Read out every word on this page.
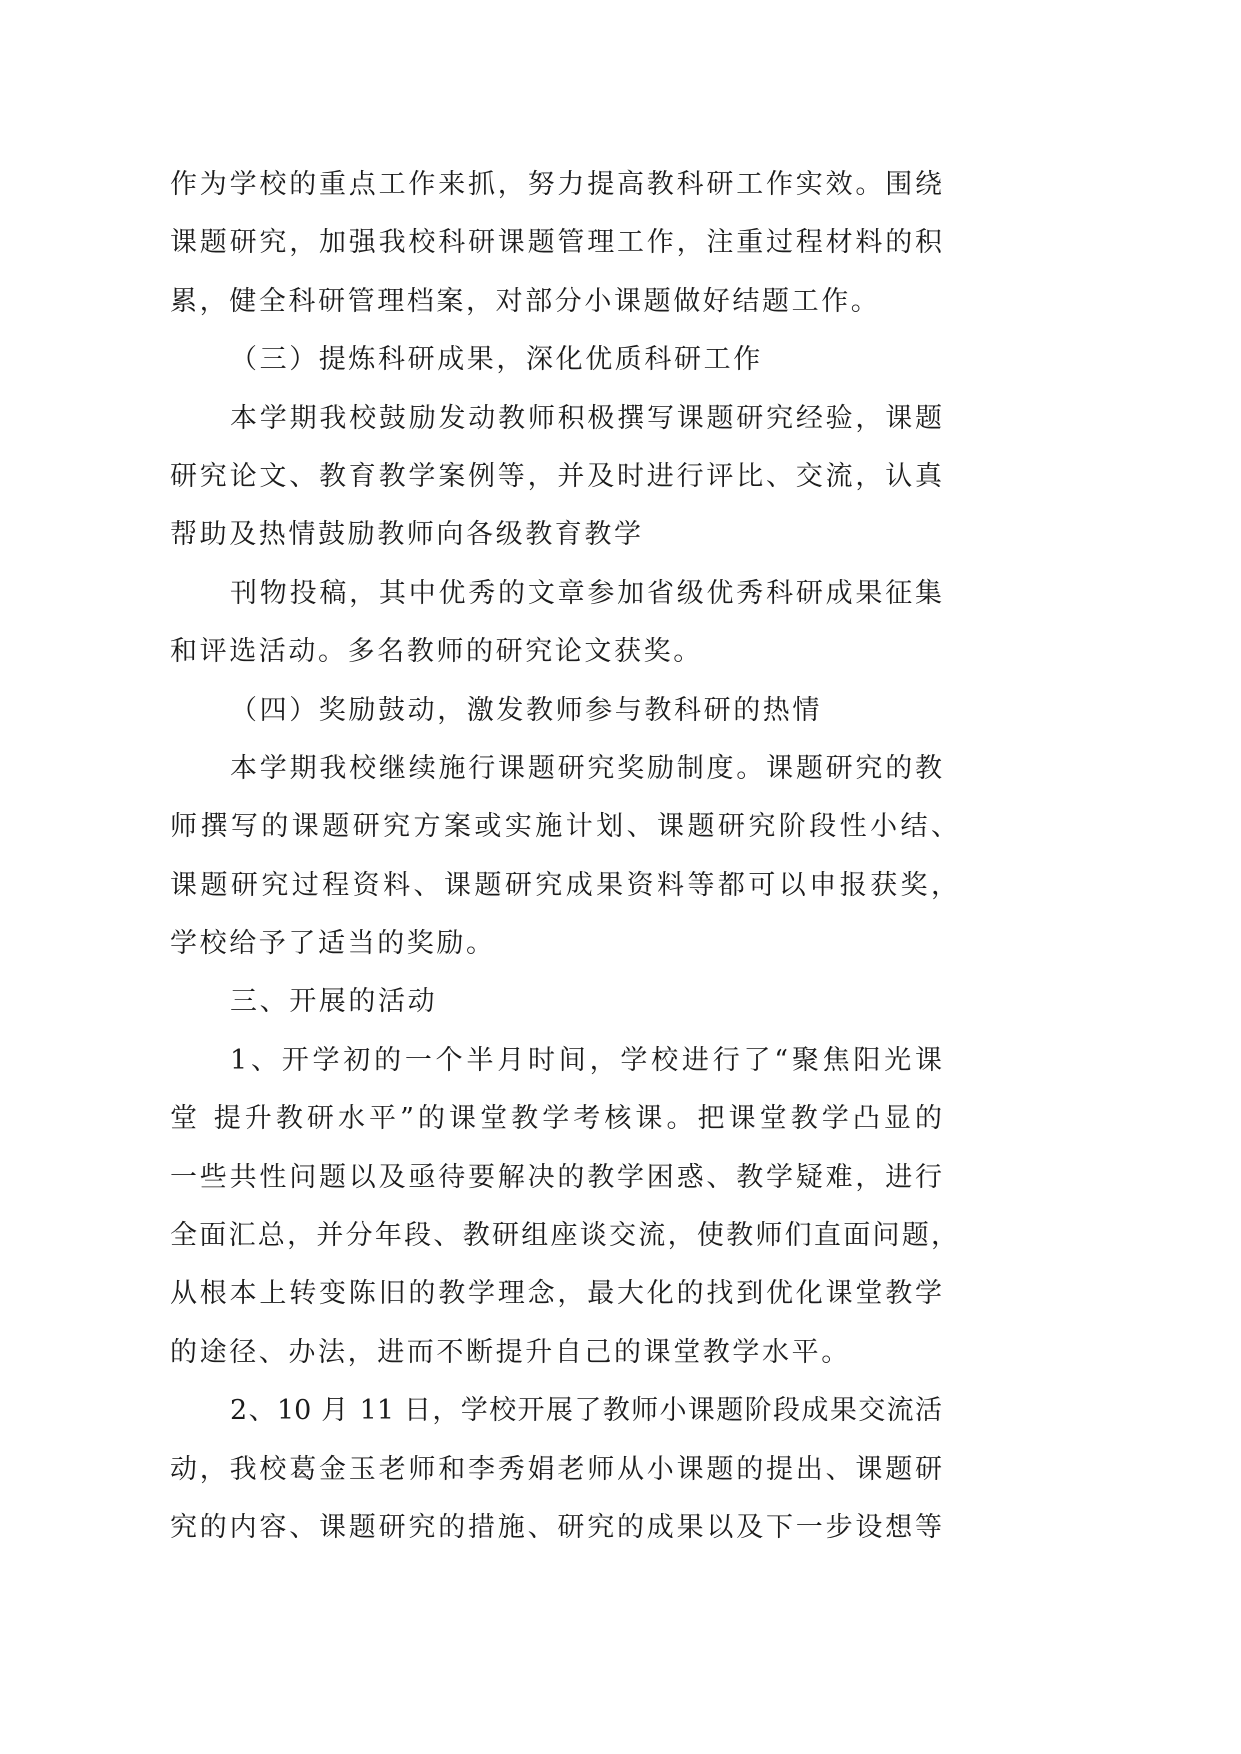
作为学校的重点工作来抓，努力提高教科研工作实效。围绕
课题研究，加强我校科研课题管理工作，注重过程材料的积
累，健全科研管理档案，对部分小课题做好结题工作。
（三）提炼科研成果，深化优质科研工作
本学期我校鼓励发动教师积极撰写课题研究经验，课题
研究论文、教育教学案例等，并及时进行评比、交流，认真
帮助及热情鼓励教师向各级教育教学
刊物投稿，其中优秀的文章参加省级优秀科研成果征集
和评选活动。多名教师的研究论文获奖。
（四）奖励鼓动，激发教师参与教科研的热情
本学期我校继续施行课题研究奖励制度。课题研究的教
师撰写的课题研究方案或实施计划、课题研究阶段性小结、
课题研究过程资料、课题研究成果资料等都可以申报获奖，
学校给予了适当的奖励。
三、开展的活动
1、开学初的一个半月时间，学校进行了“聚焦阳光课
堂 提升教研水平”的课堂教学考核课。把课堂教学凸显的
一些共性问题以及亟待要解决的教学困惑、教学疑难，进行
全面汇总，并分年段、教研组座谈交流，使教师们直面问题，
从根本上转变陈旧的教学理念，最大化的找到优化课堂教学
的途径、办法，进而不断提升自己的课堂教学水平。
2、10 月 11 日，学校开展了教师小课题阶段成果交流活
动，我校葛金玉老师和李秀娟老师从小课题的提出、课题研
究的内容、课题研究的措施、研究的成果以及下一步设想等
